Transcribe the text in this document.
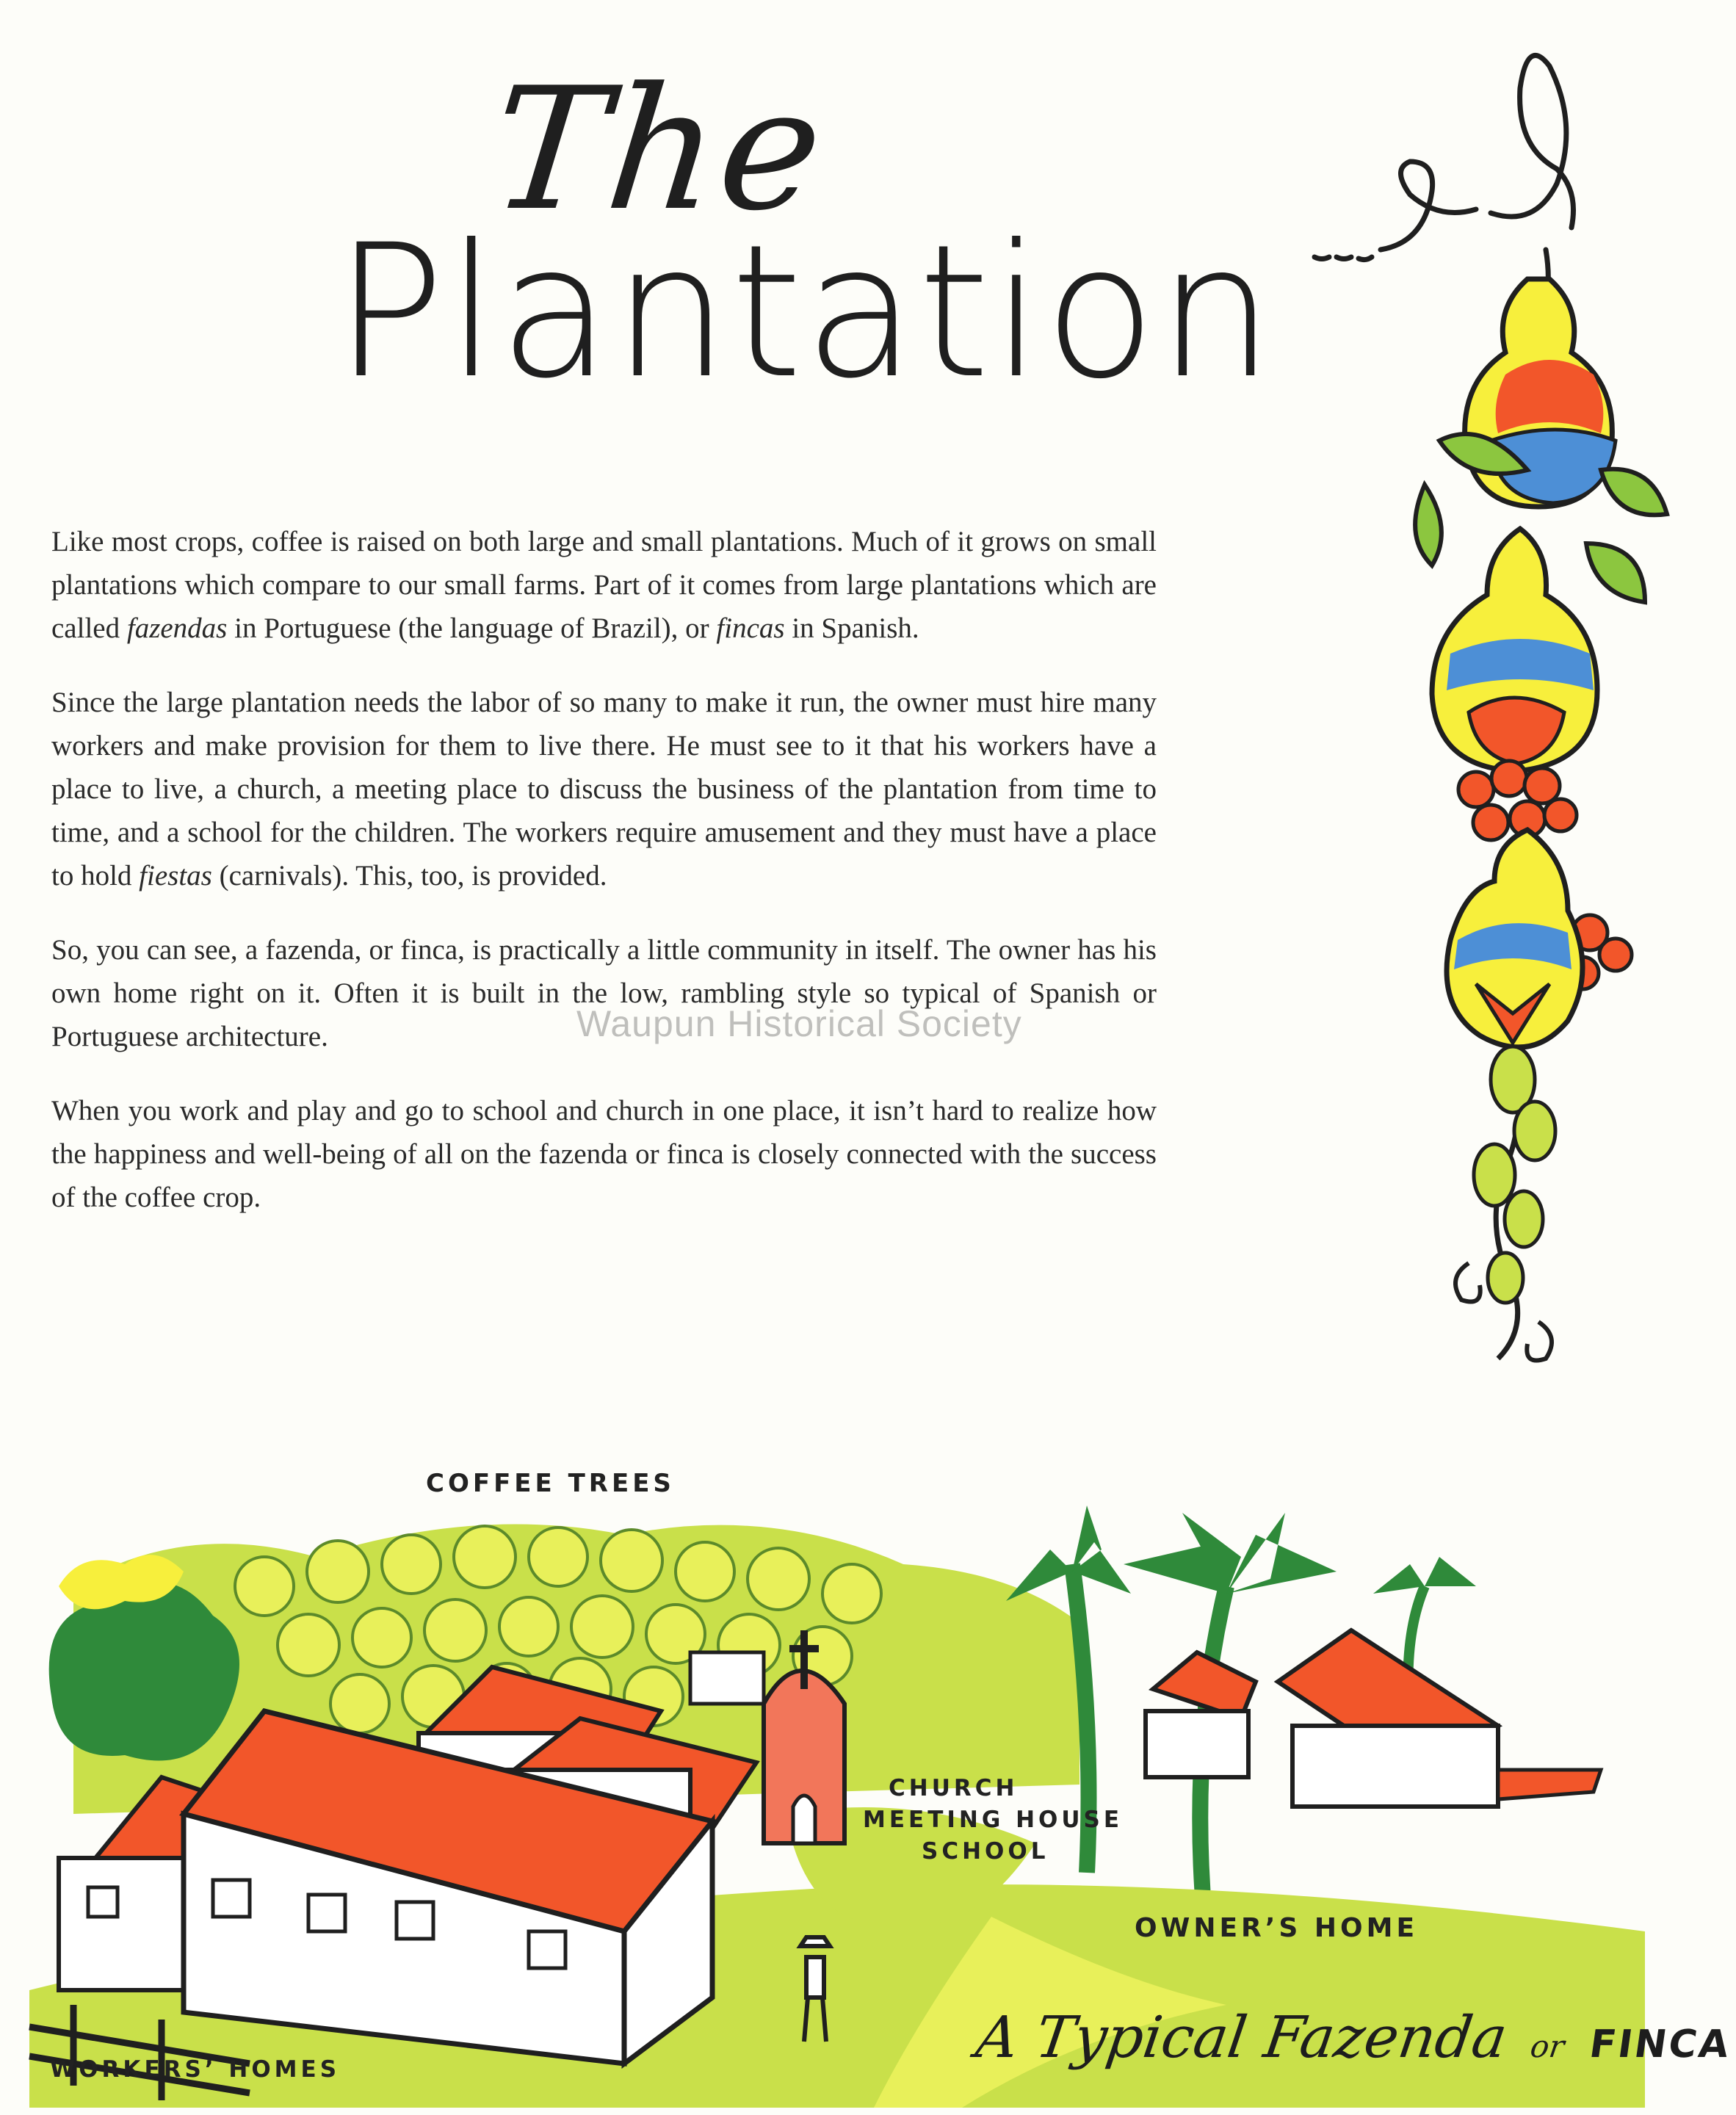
The
Plantation

Like most crops, coffee is raised on both large and small plantations. Much of it grows on small plantations which compare to our small farms. Part of it comes from large plantations which are called fazendas in Portuguese (the language of Brazil), or fincas in Spanish.

Since the large plantation needs the labor of so many to make it run, the owner must hire many workers and make provision for them to live there. He must see to it that his workers have a place to live, a church, a meeting place to discuss the business of the plantation from time to time, and a school for the children. The workers require amusement and they must have a place to hold fiestas (carnivals). This, too, is provided.

So, you can see, a fazenda, or finca, is practically a little community in itself. The owner has his own home right on it. Often it is built in the low, rambling style so typical of Spanish or Portuguese architecture.

When you work and play and go to school and church in one place, it isn’t hard to realize how the happiness and well-being of all on the fazenda or finca is closely connected with the success of the coffee crop.

Waupun Historical Society
COFFEE TREES
CHURCH
MEETING HOUSE
SCHOOL
OWNER’S HOME
WORKERS’ HOMES	A Typical Fazenda or FINCA
